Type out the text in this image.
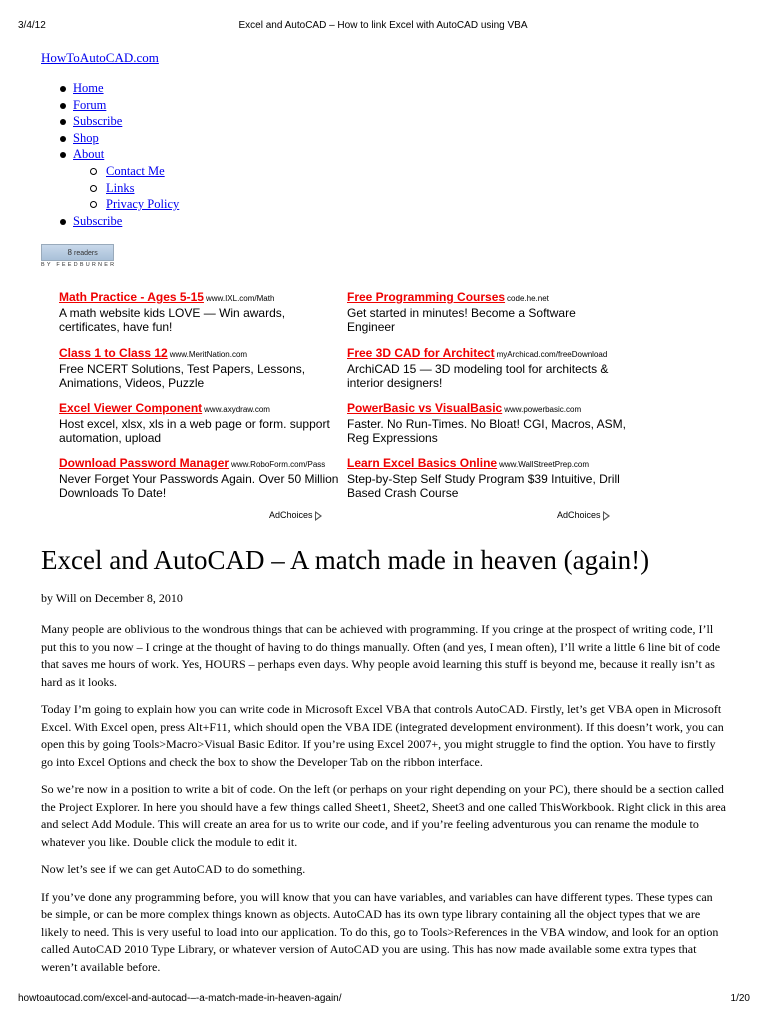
3/4/12	Excel and AutoCAD – How to link Excel with AutoCAD using VBA
HowToAutoCAD.com
Home
Forum
Subscribe
Shop
About
Contact Me
Links
Privacy Policy
Subscribe
8 readers
BY FEEDBURNER
Math Practice - Ages 5-15 www.IXL.com/Math
A math website kids LOVE — Win awards, certificates, have fun!
Class 1 to Class 12 www.MeritNation.com
Free NCERT Solutions, Test Papers, Lessons, Animations, Videos, Puzzle
Excel Viewer Component www.axydraw.com
Host excel, xlsx, xls in a web page or form. support automation, upload
Download Password Manager www.RoboForm.com/Pass
Never Forget Your Passwords Again. Over 50 Million Downloads To Date!
Free Programming Courses code.he.net
Get started in minutes! Become a Software Engineer
Free 3D CAD for Architect myArchicad.com/freeDownload
ArchiCAD 15 — 3D modeling tool for architects & interior designers!
PowerBasic vs VisualBasic www.powerbasic.com
Faster. No Run-Times. No Bloat! CGI, Macros, ASM, Reg Expressions
Learn Excel Basics Online www.WallStreetPrep.com
Step-by-Step Self Study Program $39 Intuitive, Drill Based Crash Course
AdChoices	AdChoices
Excel and AutoCAD – A match made in heaven (again!)
by Will on December 8, 2010

Many people are oblivious to the wondrous things that can be achieved with programming. If you cringe at the prospect of writing code, I’ll put this to you now – I cringe at the thought of having to do things manually. Often (and yes, I mean often), I’ll write a little 6 line bit of code that saves me hours of work. Yes, HOURS – perhaps even days. Why people avoid learning this stuff is beyond me, because it really isn’t as hard as it looks.

Today I’m going to explain how you can write code in Microsoft Excel VBA that controls AutoCAD. Firstly, let’s get VBA open in Microsoft Excel. With Excel open, press Alt+F11, which should open the VBA IDE (integrated development environment). If this doesn’t work, you can open this by going Tools>Macro>Visual Basic Editor. If you’re using Excel 2007+, you might struggle to find the option. You have to firstly go into Excel Options and check the box to show the Developer Tab on the ribbon interface.

So we’re now in a position to write a bit of code. On the left (or perhaps on your right depending on your PC), there should be a section called the Project Explorer. In here you should have a few things called Sheet1, Sheet2, Sheet3 and one called ThisWorkbook. Right click in this area and select Add Module. This will create an area for us to write our code, and if you’re feeling adventurous you can rename the module to whatever you like. Double click the module to edit it.

Now let’s see if we can get AutoCAD to do something.

If you’ve done any programming before, you will know that you can have variables, and variables can have different types. These types can be simple, or can be more complex things known as objects. AutoCAD has its own type library containing all the object types that we are likely to need. This is very useful to load into our application. To do this, go to Tools>References in the VBA window, and look for an option called AutoCAD 2010 Type Library, or whatever version of AutoCAD you are using. This has now made available some extra types that weren’t available before.

howtoautocad.com/excel-and-autocad-–-a-match-made-in-heaven-again/	1/20
